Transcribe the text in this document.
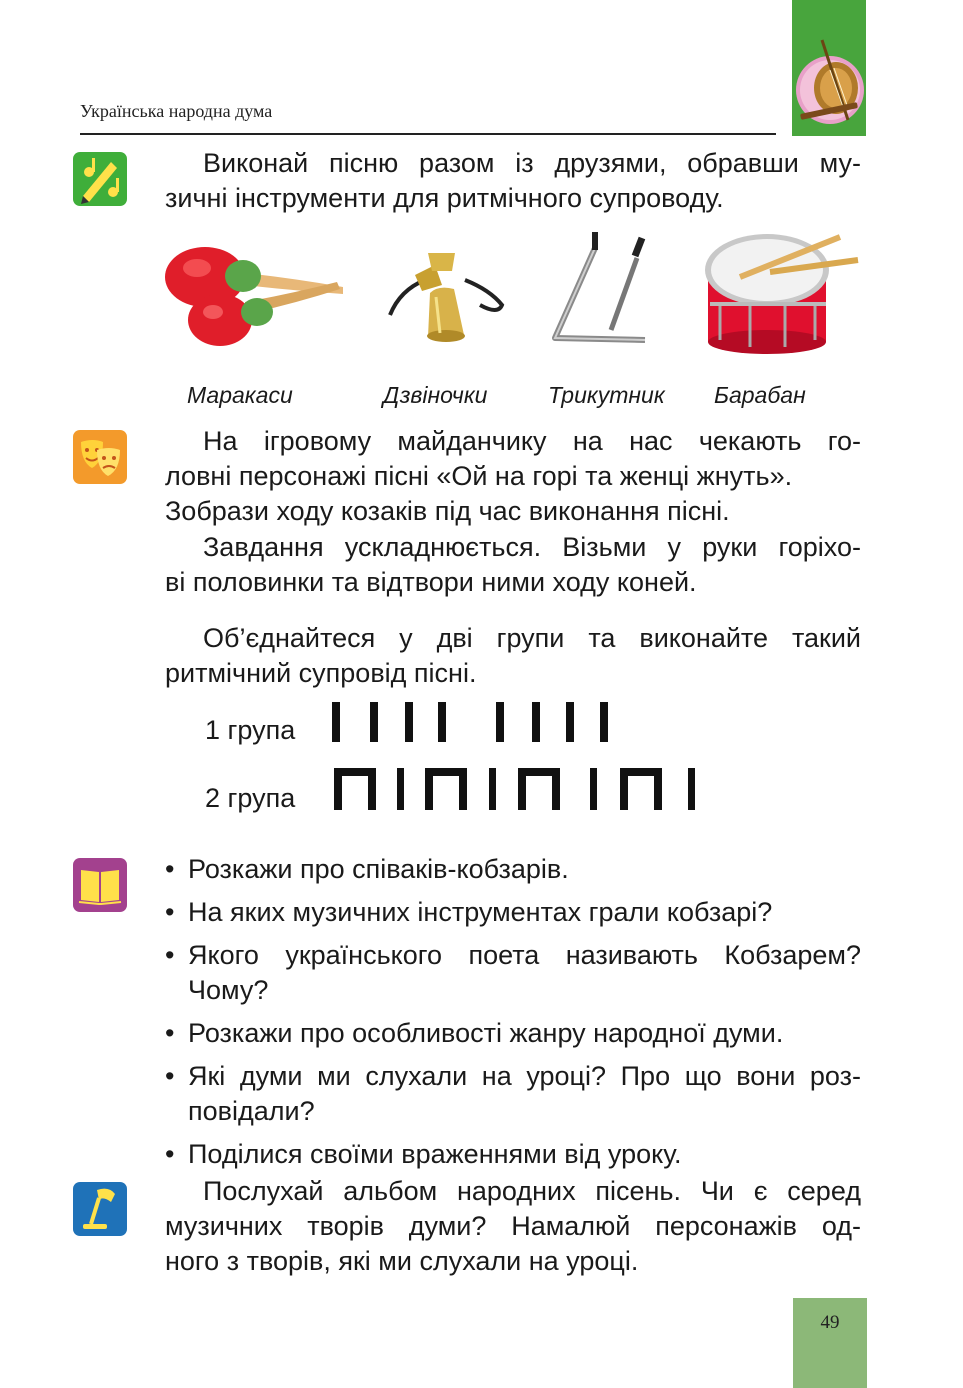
Українська народна дума
Виконай пісню разом із друзями, обравши му-
зичні інструменти для ритмічного супроводу.
Маракаси	Дзвіночки	Трикутник Барабан
На ігровому майданчику на нас чекають го-
ловні персонажі пісні «Ой на горі та женці жнуть».
Зобрази ходу козаків під час виконання пісні.
Завдання ускладнюється. Візьми у руки горіхо-
ві половинки та відтвори ними ходу коней.
Об’єднайтеся у дві групи та виконайте такий
ритмічний супровід пісні.
1 група
2 група
• Розкажи про співаків-кобзарів.
• На яких музичних інструментах грали кобзарі?
• Якого українського поета називають Кобзарем?
Чому?
• Розкажи про особливості жанру народної думи.
• Які думи ми слухали на уроці? Про що вони роз-
повідали?
• Поділися своїми враженнями від уроку.
Послухай альбом народних пісень. Чи є серед
музичних творів думи? Намалюй персонажів од-
ного з творів, які ми слухали на уроці.
49
